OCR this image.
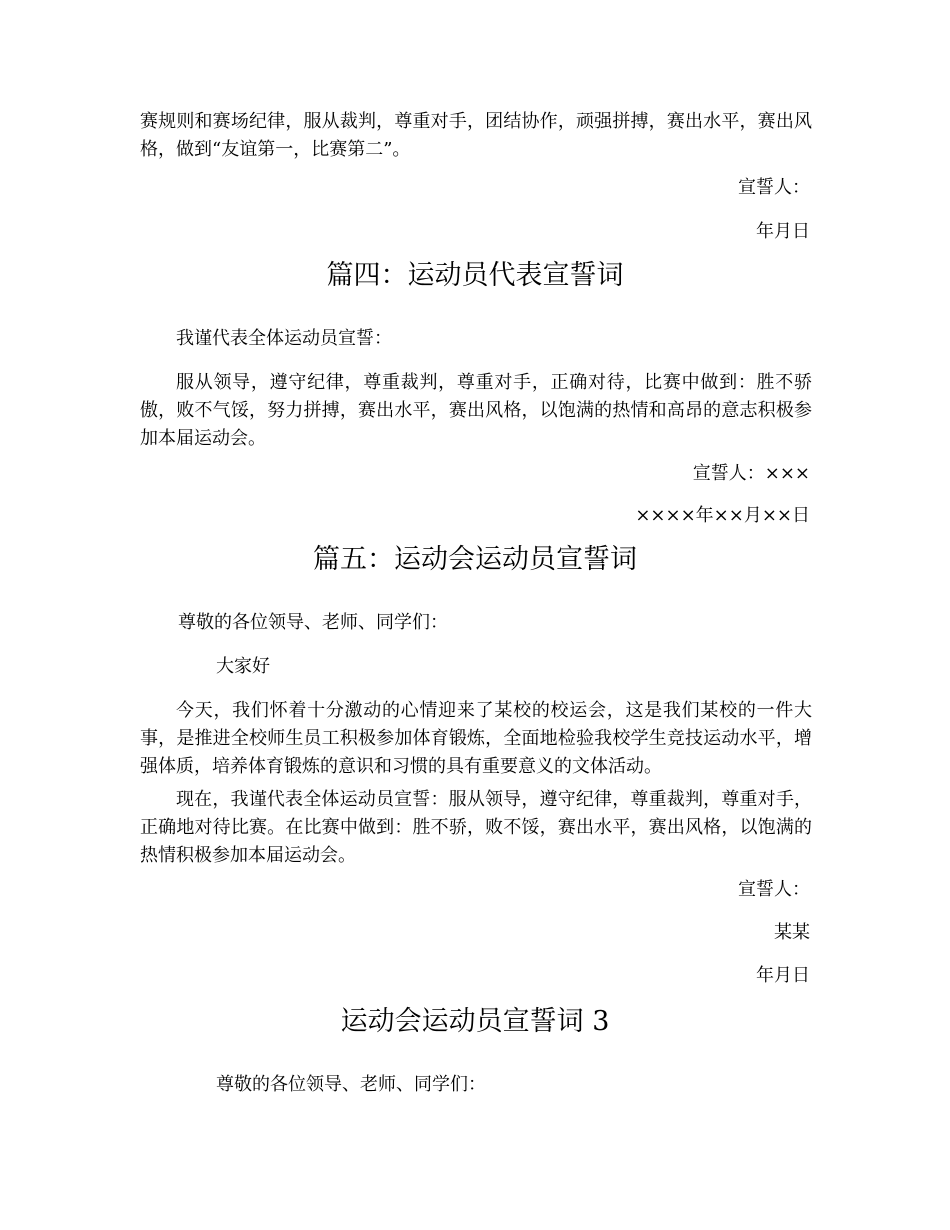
赛规则和赛场纪律，服从裁判，尊重对手，团结协作，顽强拼搏，赛出水平，赛出风格，做到“友谊第一，比赛第二”。
宣誓人：
年月日
篇四：运动员代表宣誓词
我谨代表全体运动员宣誓：
服从领导，遵守纪律，尊重裁判，尊重对手，正确对待，比赛中做到：胜不骄傲，败不气馁，努力拼搏，赛出水平，赛出风格，以饱满的热情和高昂的意志积极参加本届运动会。
宣誓人：×××
××××年××月××日
篇五：运动会运动员宣誓词
尊敬的各位领导、老师、同学们：
大家好
今天，我们怀着十分激动的心情迎来了某校的校运会，这是我们某校的一件大事，是推进全校师生员工积极参加体育锻炼，全面地检验我校学生竞技运动水平，增强体质，培养体育锻炼的意识和习惯的具有重要意义的文体活动。
现在，我谨代表全体运动员宣誓：服从领导，遵守纪律，尊重裁判，尊重对手，正确地对待比赛。在比赛中做到：胜不骄，败不馁，赛出水平，赛出风格，以饱满的热情积极参加本届运动会。
宣誓人：
某某
年月日
运动会运动员宣誓词 3
尊敬的各位领导、老师、同学们：
